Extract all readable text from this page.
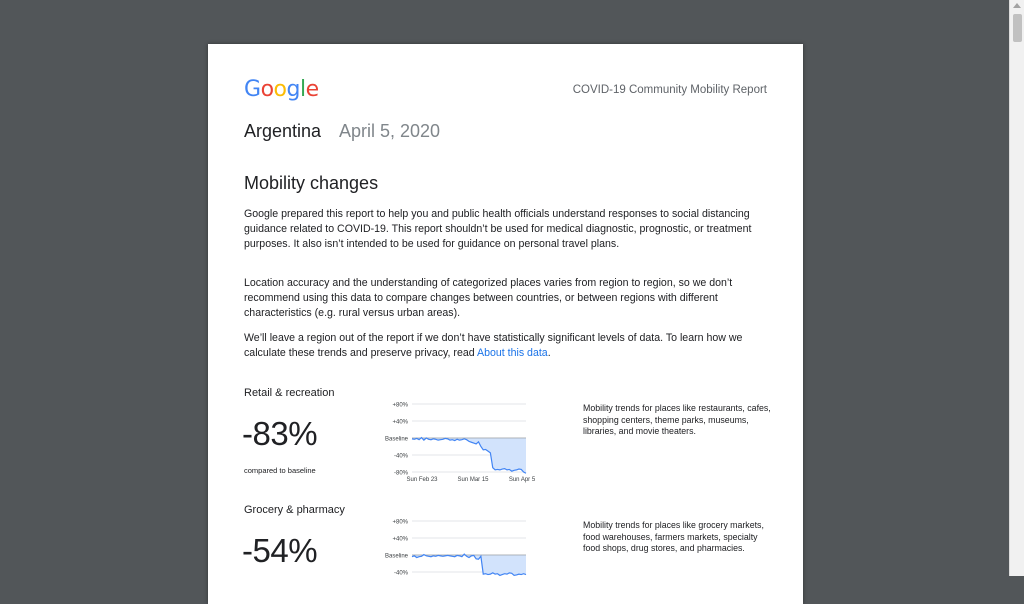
Google	COVID-19 Community Mobility Report
Argentina April 5, 2020
Mobility changes

Google prepared this report to help you and public health officials understand responses to social distancing guidance related to COVID-19. This report shouldn’t be used for medical diagnostic, prognostic, or treatment purposes. It also isn’t intended to be used for guidance on personal travel plans.

Location accuracy and the understanding of categorized places varies from region to region, so we don’t recommend using this data to compare changes between countries, or between regions with different characteristics (e.g. rural versus urban areas).

We’ll leave a region out of the report if we don’t have statistically significant levels of data. To learn how we calculate these trends and preserve privacy, read About this data.

Retail & recreation
-83%
compared to baseline
+80%
+40%
Baseline
-40%
-80%
Sun Feb 23	Sun Mar 15	Sun Apr 5
Mobility trends for places like restaurants, cafes, shopping centers, theme parks, museums, libraries, and movie theaters.
Grocery & pharmacy
-54%
+80%
+40%
Baseline
-40%
Mobility trends for places like grocery markets, food warehouses, farmers markets, specialty food shops, drug stores, and pharmacies.
